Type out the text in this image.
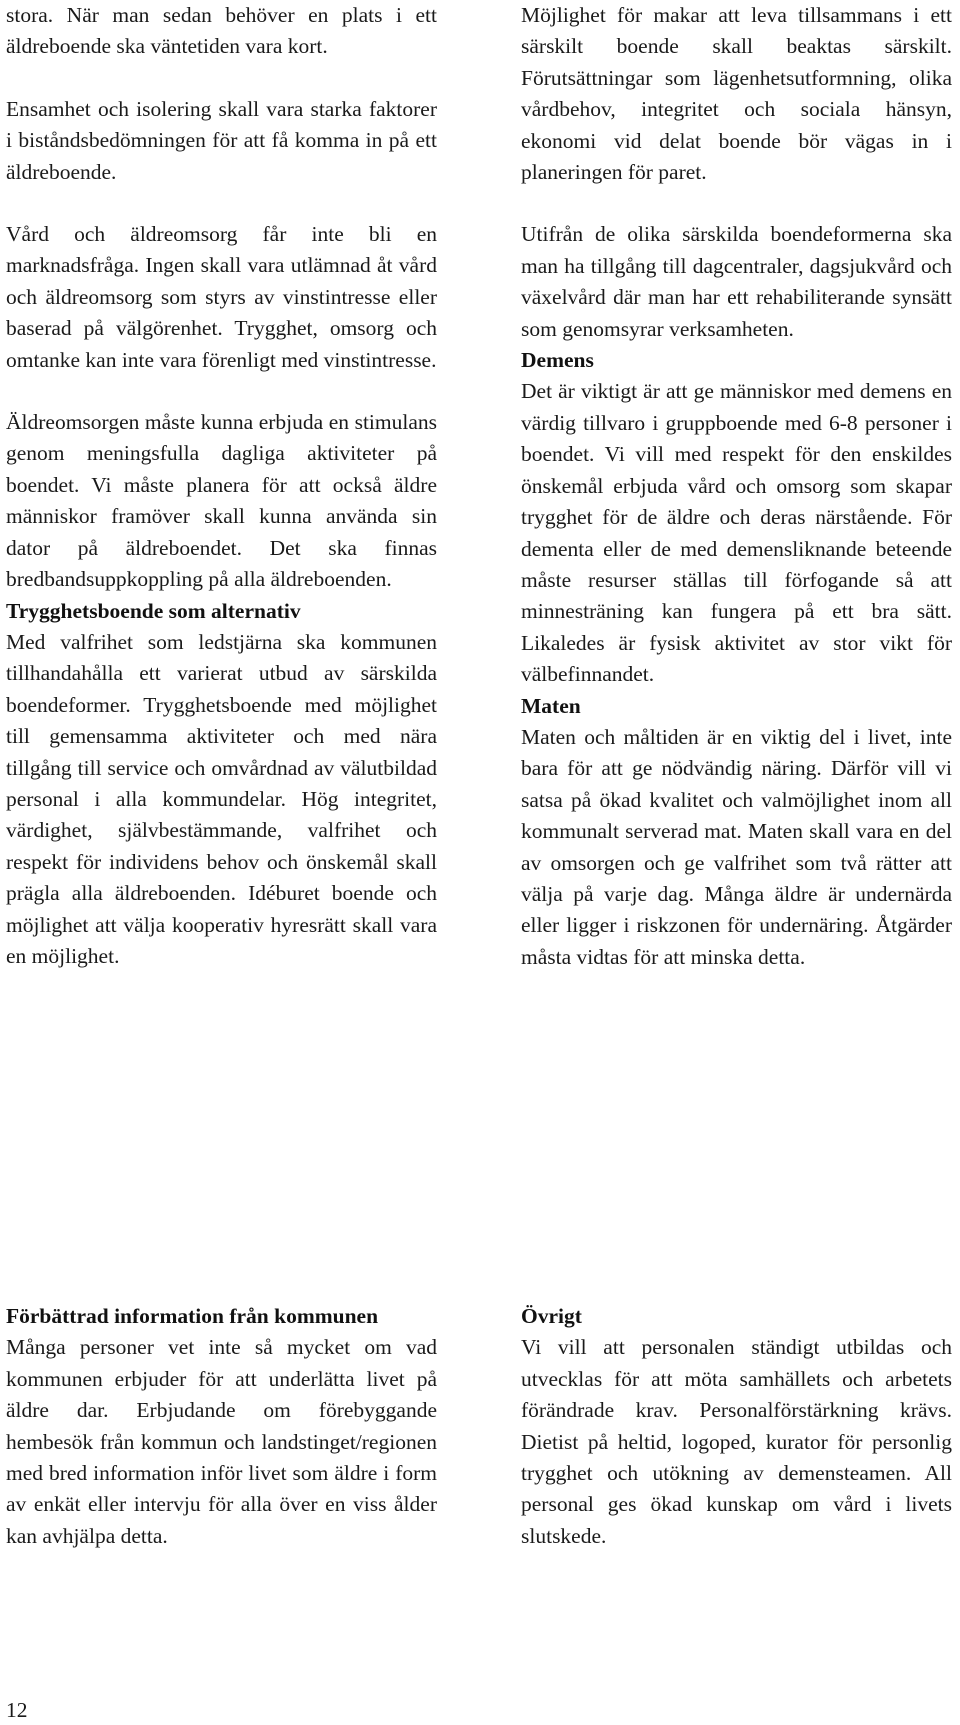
stora. När man sedan behöver en plats i ett äldreboende ska väntetiden vara kort.

Ensamhet och isolering skall vara starka faktorer i biståndsbedömningen för att få komma in på ett äldreboende.

Vård och äldreomsorg får inte bli en marknadsfråga. Ingen skall vara utlämnad åt vård och äldreomsorg som styrs av vinstintresse eller baserad på välgörenhet. Trygghet, omsorg och omtanke kan inte vara förenligt med vinstintresse.

Äldreomsorgen måste kunna erbjuda en stimulans genom meningsfulla dagliga aktiviteter på boendet. Vi måste planera för att också äldre människor framöver skall kunna använda sin dator på äldreboendet. Det ska finnas bredbandsuppkoppling på alla äldreboenden.

Trygghetsboende som alternativ

Med valfrihet som ledstjärna ska kommunen tillhandahålla ett varierat utbud av särskilda boendeformer. Trygghetsboende med möjlighet till gemensamma aktiviteter och med nära tillgång till service och omvårdnad av välutbildad personal i alla kommundelar. Hög integritet, värdighet, självbestämmande, valfrihet och respekt för individens behov och önskemål skall prägla alla äldreboenden. Idéburet boende och möjlighet att välja kooperativ hyresrätt skall vara en möjlighet.

Möjlighet för makar att leva tillsammans i ett särskilt boende skall beaktas särskilt. Förutsättningar som lägenhetsutformning, olika vårdbehov, integritet och sociala hänsyn, ekonomi vid delat boende bör vägas in i planeringen för paret.

Utifrån de olika särskilda boendeformerna ska man ha tillgång till dagcentraler, dagsjukvård och växelvård där man har ett rehabiliterande synsätt som genomsyrar verksamheten.

Demens

Det är viktigt är att ge människor med demens en värdig tillvaro i gruppboende med 6-8 personer i boendet. Vi vill med respekt för den enskildes önskemål erbjuda vård och omsorg som skapar trygghet för de äldre och deras närstående. För dementa eller de med demensliknande beteende måste resurser ställas till förfogande så att minnesträning kan fungera på ett bra sätt. Likaledes är fysisk aktivitet av stor vikt för välbefinnandet.

Maten

Maten och måltiden är en viktig del i livet, inte bara för att ge nödvändig näring. Därför vill vi satsa på ökad kvalitet och valmöjlighet inom all kommunalt serverad mat. Maten skall vara en del av omsorgen och ge valfrihet som två rätter att välja på varje dag. Många äldre är undernärda eller ligger i riskzonen för undernäring. Åtgärder måsta vidtas för att minska detta.

Förbättrad information från kommunen

Många personer vet inte så mycket om vad kommunen erbjuder för att underlätta livet på äldre dar. Erbjudande om förebyggande hembesök från kommun och landstinget/regionen med bred information inför livet som äldre i form av enkät eller intervju för alla över en viss ålder kan avhjälpa detta.

Övrigt

Vi vill att personalen ständigt utbildas och utvecklas för att möta samhällets och arbetets förändrade krav. Personalförstärkning krävs. Dietist på heltid, logoped, kurator för personlig trygghet och utökning av demensteamen. All personal ges ökad kunskap om vård i livets slutskede.

12
